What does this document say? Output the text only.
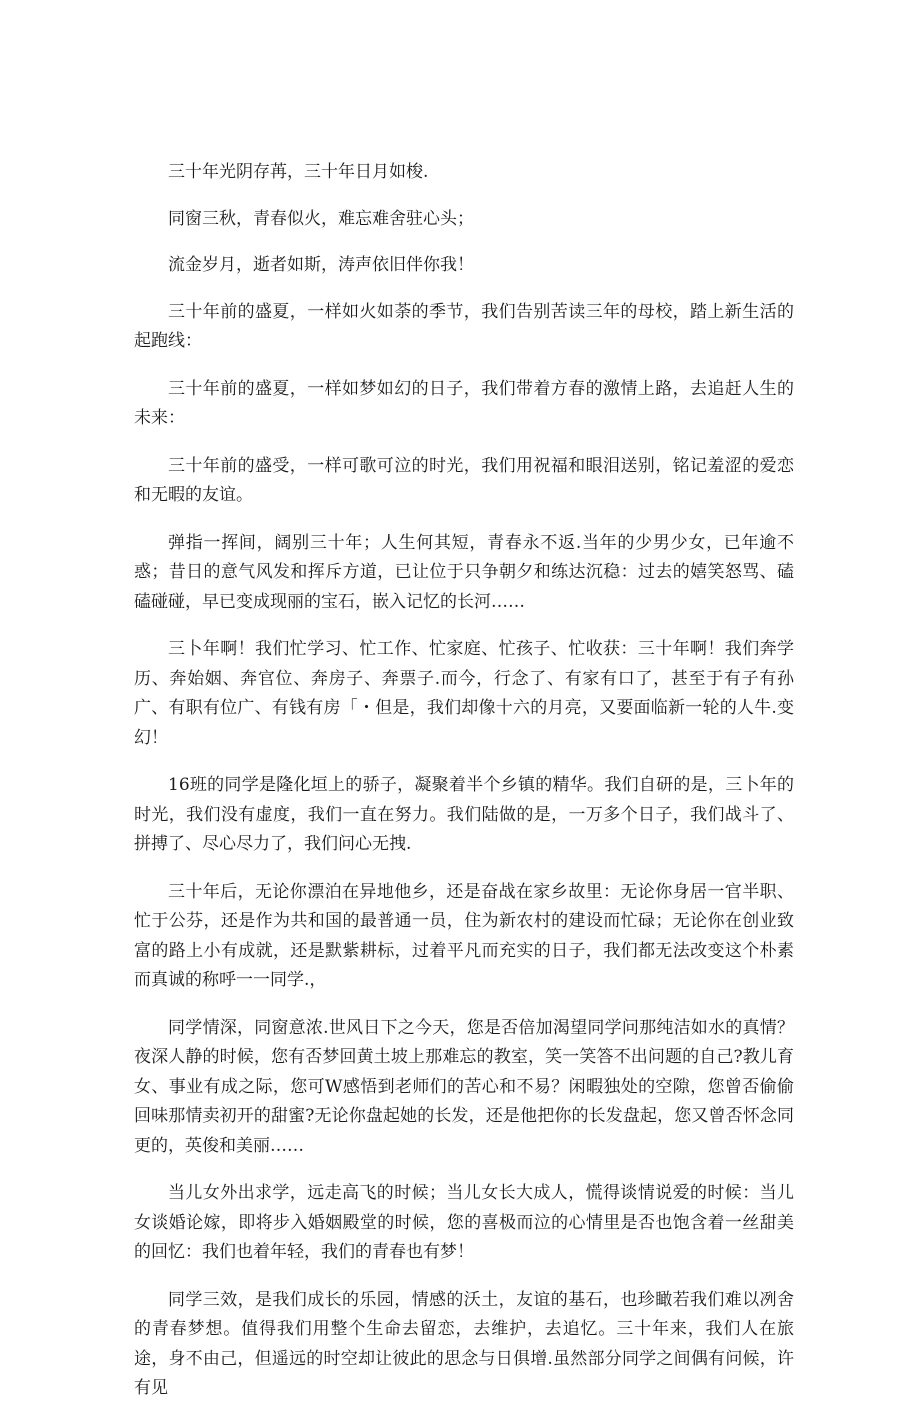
三十年光阴存苒，三十年日月如梭.

同窗三秋，青春似火，难忘难舍驻心头；

流金岁月，逝者如斯，涛声依旧伴你我！

三十年前的盛夏，一样如火如荼的季节，我们告别苦读三年的母校，踏上新生活的起跑线：

三十年前的盛夏，一样如梦如幻的日子，我们带着方春的激情上路，去追赶人生的未来：

三十年前的盛受，一样可歌可泣的时光，我们用祝福和眼泪送别，铭记羞涩的爱恋和无暇的友谊。

弹指一挥间，阔别三十年；人生何其短，青春永不返.当年的少男少女，已年逾不惑；昔日的意气风发和挥斥方道，已让位于只争朝夕和练达沉稳：过去的嬉笑怒骂、磕磕碰碰，早已变成现丽的宝石，嵌入记忆的长河……

三卜年啊！我们忙学习、忙工作、忙家庭、忙孩子、忙收获：三十年啊！我们奔学历、奔始姻、奔官位、奔房子、奔票子.而今，行念了、有家有口了，甚至于有子有孙广、有职有位广、有钱有房「・但是，我们却像十六的月亮，又要面临新一轮的人牛.变幻！

16班的同学是隆化垣上的骄子，凝聚着半个乡镇的精华。我们自研的是，三卜年的时光，我们没有虚度，我们一直在努力。我们陆做的是，一万多个日子，我们战斗了、拼搏了、尽心尽力了，我们问心无拽.

三十年后，无论你漂泊在异地他乡，还是奋战在家乡故里：无论你身居一官半职、忙于公芬，还是作为共和国的最普通一员，住为新农村的建设而忙碌；无论你在创业致富的路上小有成就，还是默紫耕标，过着平凡而充实的日子，我们都无法改变这个朴素而真诚的称呼一一同学.，

同学情深，同窗意浓.世风日下之今天，您是否倍加渴望同学问那纯洁如水的真情？夜深人静的时候，您有否梦回黄土坡上那难忘的教室，笑一笑答不出问题的自己?教儿育女、事业有成之际，您可W感悟到老师们的苦心和不易？闲暇独处的空隙，您曾否偷偷回味那情卖初开的甜蜜?无论你盘起她的长发，还是他把你的长发盘起，您又曾否怀念同更的，英俊和美丽……

当儿女外出求学，远走高飞的时候；当儿女长大成人，慌得谈情说爱的时候：当儿女谈婚论嫁，即将步入婚姻殿堂的时候，您的喜极而泣的心情里是否也饱含着一丝甜美的回忆：我们也着年轻，我们的青春也有梦！

同学三效，是我们成长的乐园，情感的沃土，友谊的基石，也珍瞰若我们难以冽舍的青春梦想。值得我们用整个生命去留恋，去维护，去追忆。三十年来，我们人在旅途，身不由己，但遥远的时空却让彼此的思念与日俱增.虽然部分同学之间偶有问候，许有见
